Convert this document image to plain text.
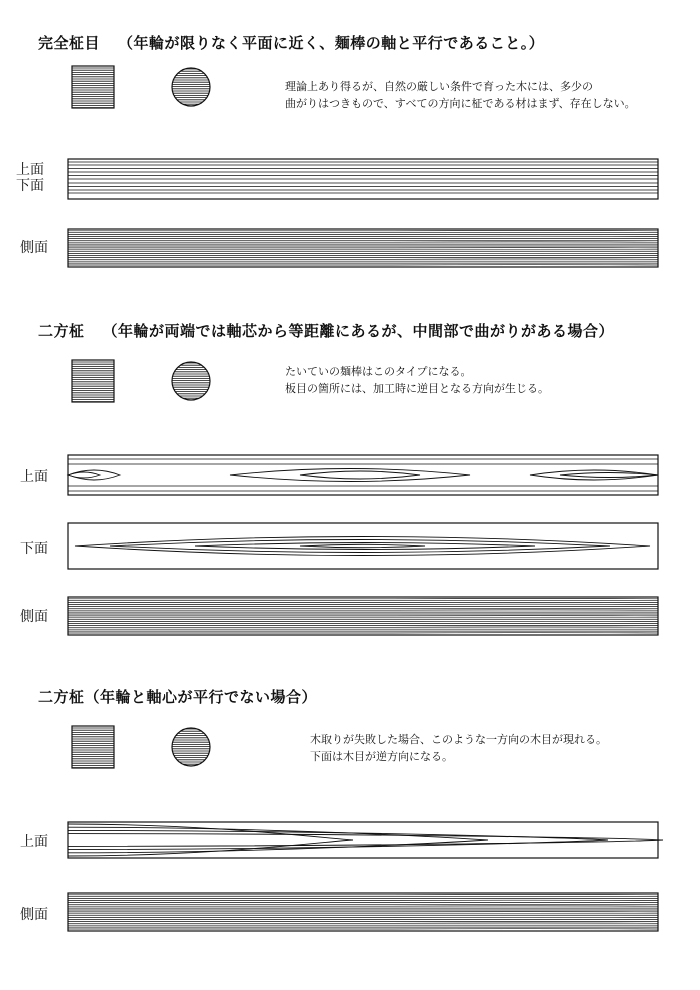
完全柾目 （年輪が限りなく平面に近く、麺棒の軸と平行であること。）
理論上あり得るが、自然の厳しい条件で育った木には、多少の
曲がりはつきもので、すべての方向に柾である材はまず、存在しない。
上面
下面
側面
二方柾 （年輪が両端では軸芯から等距離にあるが、中間部で曲がりがある場合）
たいていの麺棒はこのタイプになる。
板目の箇所には、加工時に逆目となる方向が生じる。
上面
下面
側面
二方柾（年輪と軸心が平行でない場合）
木取りが失敗した場合、このような一方向の木目が現れる。
下面は木目が逆方向になる。
上面
側面
